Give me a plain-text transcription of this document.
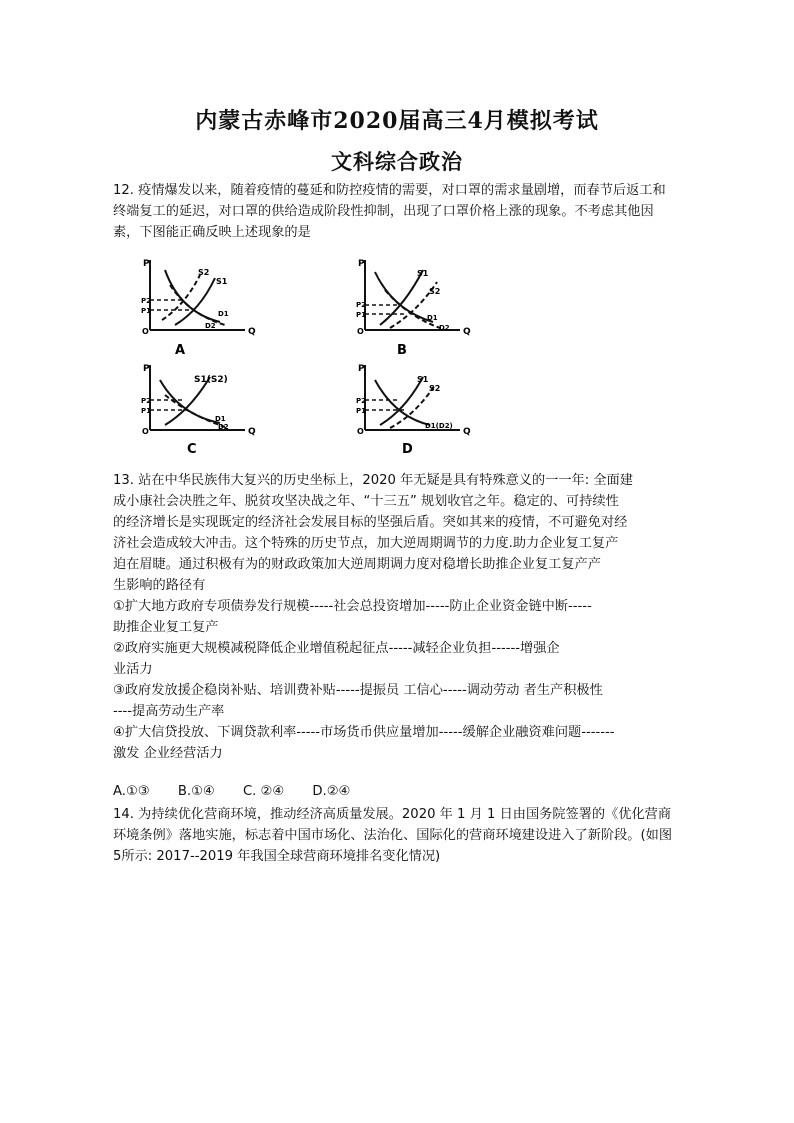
内蒙古赤峰市2020届高三4月模拟考试
文科综合政治
12. 疫情爆发以来，随着疫情的蔓延和防控疫情的需要，对口罩的需求量剧增，而春节后返工和终端复工的延迟，对口罩的供给造成阶段性抑制，出现了口罩价格上涨的现象。不考虑其他因素，下图能正确反映上述现象的是
P
Q
O
P2
P1
S2
S1
D1
D2
A
P
Q
O
P2
P1
S1
S2
D1
D2
B
P
Q
O
P2
P1
S1(S2)
D1
D2
C
P
Q
O
P2
P1
S1
S2
D1(D2)
D

13. 站在中华民族伟大复兴的历史坐标上，2020 年无疑是具有特殊意义的一一年: 全面建

成小康社会决胜之年、脱贫攻坚决战之年、“十三五” 规划收官之年。稳定的、可持续性

的经济增长是实现既定的经济社会发展目标的坚强后盾。突如其来的疫情，不可避免对经

济社会造成较大冲击。这个特殊的历史节点，加大逆周期调节的力度.助力企业复工复产

迫在眉睫。通过积极有为的财政政策加大逆周期调力度对稳增长助推企业复工复产产

生影响的路径有

①扩大地方政府专项债券发行规模-----社会总投资增加-----防止企业资金链中断-----
助推企业复工复产
②政府实施更大规模减税降低企业增值税起征点-----减轻企业负担------增强企
业活力
③政府发放援企稳岗补贴、培训费补贴-----提振员 工信心-----调动劳动 者生产积极性
----提高劳动生产率
④扩大信贷投放、下调贷款利率-----市场货币供应量增加-----缓解企业融资难问题-------
激发 企业经营活力
A.①③ B.①④ C. ②④ D.②④
14. 为持续优化营商环境，推动经济高质量发展。2020 年 1 月 1 日由国务院签署的《优化营商环境条例》落地实施，标志着中国市场化、法治化、国际化的营商环境建设进入了新阶段。(如图 5所示: 2017--2019 年我国全球营商环境排名变化情况)
